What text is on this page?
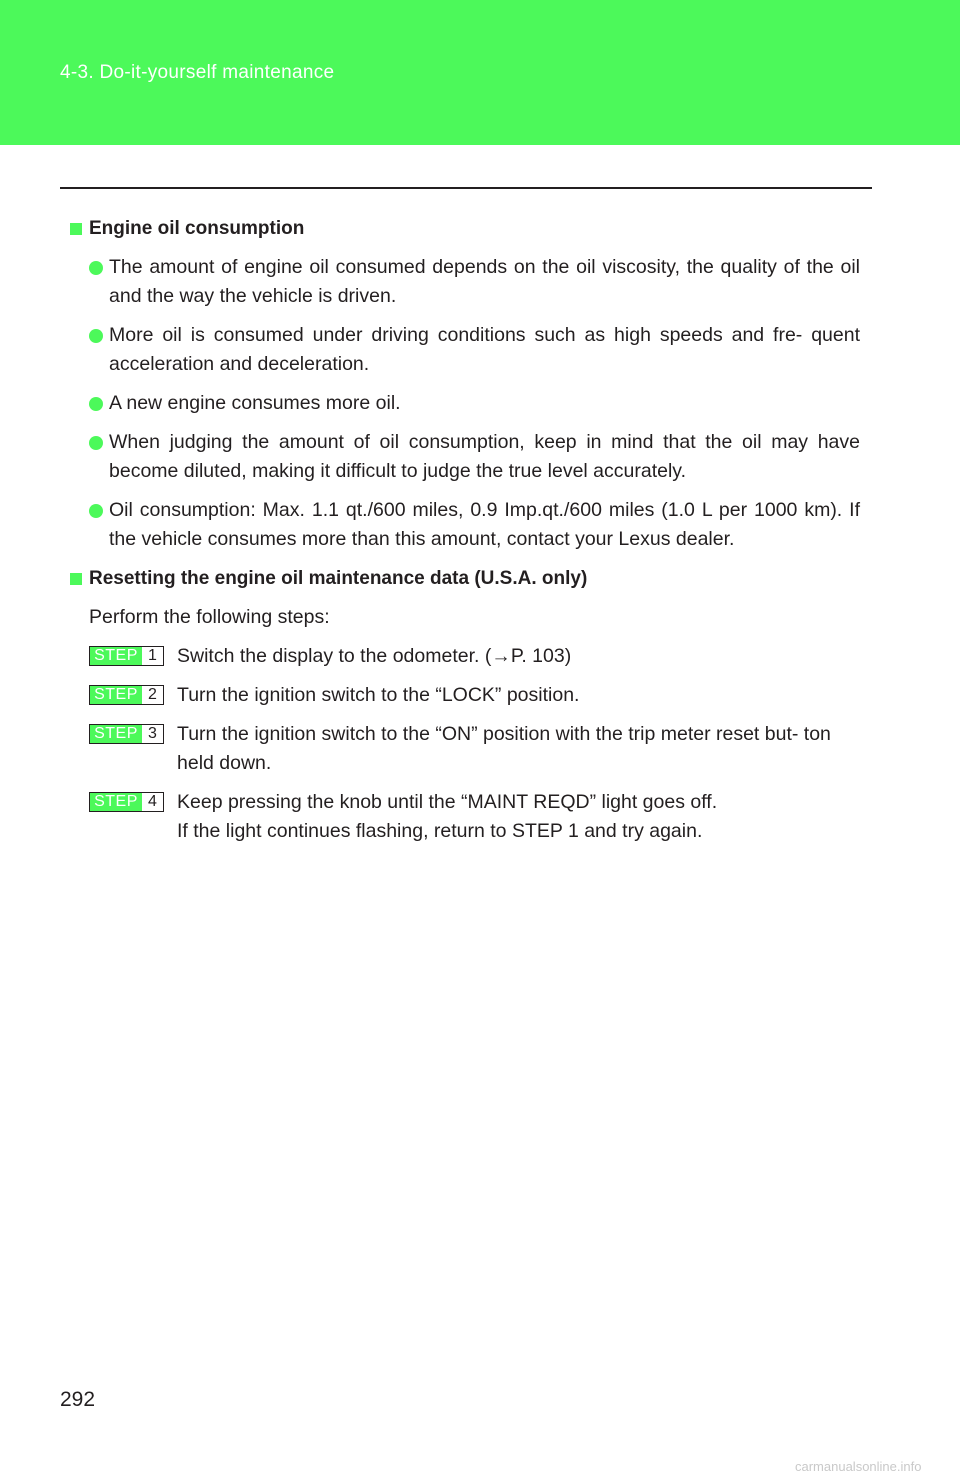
4-3. Do-it-yourself maintenance
Engine oil consumption
The amount of engine oil consumed depends on the oil viscosity, the quality of the oil and the way the vehicle is driven.
More oil is consumed under driving conditions such as high speeds and fre- quent acceleration and deceleration.
A new engine consumes more oil.
When judging the amount of oil consumption, keep in mind that the oil may have become diluted, making it difficult to judge the true level accurately.
Oil consumption: Max. 1.1 qt./600 miles, 0.9 Imp.qt./600 miles (1.0 L per 1000 km). If the vehicle consumes more than this amount, contact your Lexus dealer.
Resetting the engine oil maintenance data (U.S.A. only)
Perform the following steps:
STEP 1	Switch the display to the odometer. (→P. 103)
STEP 2	Turn the ignition switch to the “LOCK” position.
STEP 3	Turn the ignition switch to the “ON” position with the trip meter reset but- ton held down.
STEP 4	Keep pressing the knob until the “MAINT REQD” light goes off.
If the light continues flashing, return to STEP 1 and try again.
292
carmanualsonline.info
